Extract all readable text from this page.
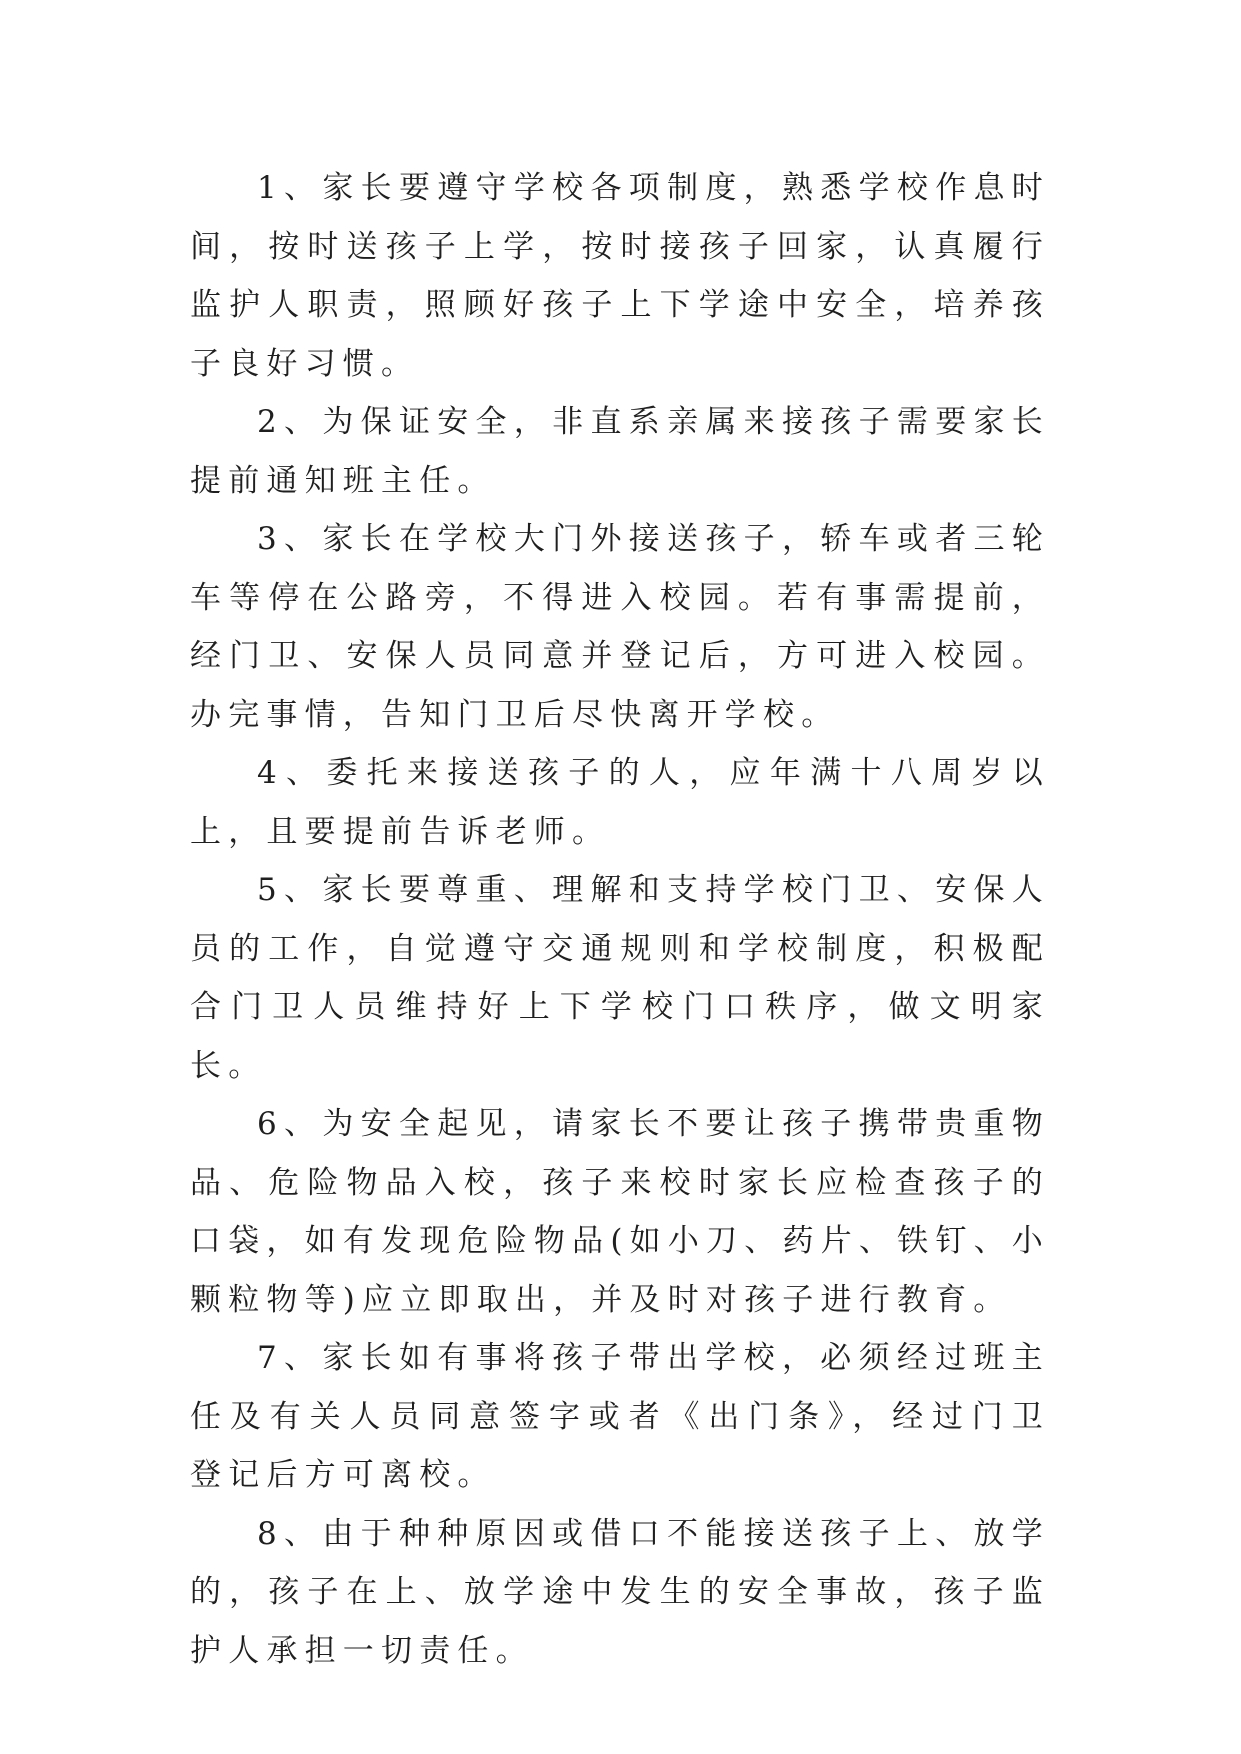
1、家长要遵守学校各项制度，熟悉学校作息时间，按时送孩子上学，按时接孩子回家，认真履行监护人职责，照顾好孩子上下学途中安全，培养孩子良好习惯。

2、为保证安全，非直系亲属来接孩子需要家长提前通知班主任。

3、家长在学校大门外接送孩子，轿车或者三轮车等停在公路旁，不得进入校园。若有事需提前，经门卫、安保人员同意并登记后，方可进入校园。办完事情，告知门卫后尽快离开学校。

4、委托来接送孩子的人，应年满十八周岁以上，且要提前告诉老师。

5、家长要尊重、理解和支持学校门卫、安保人员的工作，自觉遵守交通规则和学校制度，积极配合门卫人员维持好上下学校门口秩序，做文明家长。

6、为安全起见，请家长不要让孩子携带贵重物品、危险物品入校，孩子来校时家长应检查孩子的口袋，如有发现危险物品(如小刀、药片、铁钉、小颗粒物等)应立即取出，并及时对孩子进行教育。

7、家长如有事将孩子带出学校，必须经过班主任及有关人员同意签字或者《出门条》，经过门卫登记后方可离校。

8、由于种种原因或借口不能接送孩子上、放学的，孩子在上、放学途中发生的安全事故，孩子监护人承担一切责任。
